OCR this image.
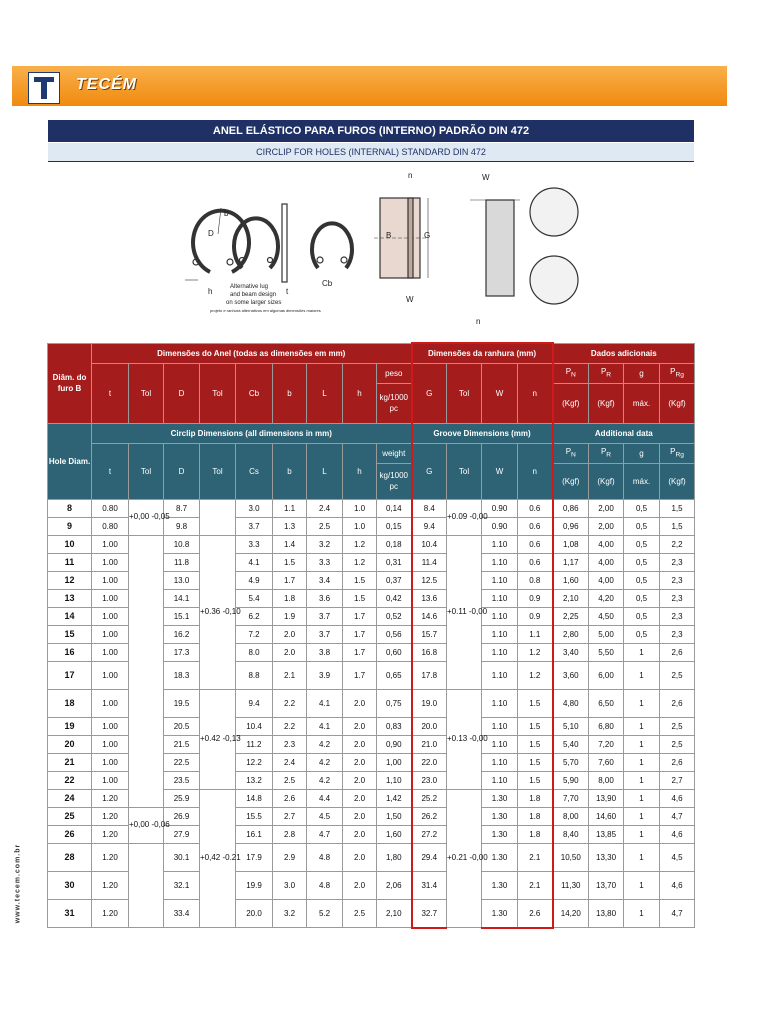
TECÉM
ANEL ELÁSTICO PARA FUROS (INTERNO) PADRÃO DIN 472
CIRCLIP FOR HOLES (INTERNAL) STANDARD DIN 472
D
b
h	t
Cb
n
B	G
W
W
n
Alternative lug
and beam design
on some larger sizes
projeto e ranhura alternativos em algumas dimensões maiores
www.tecem.com.br
Diâm. do furo B	Dimensões do Anel (todas as dimensões em mm)									Dimensões da ranhura (mm)				Dados adicionais			
	t	Tol	D	Tol	Cb	b	L	h	peso	G	Tol	W	n	$P_N$	$P_R$	g	$P_{Rg}$
									kg/1000 pc					(Kgf)	(Kgf)	máx.	(Kgf)
Hole Diam.	Circlip Dimensions (all dimensions in mm)									Groove Dimensions (mm)				Additional data			
	t	Tol	D	Tol	Cs	b	L	h	weight	G	Tol	W	n	$P_N$	$P_R$	g	$P_{Rg}$
									kg/1000 pc					(Kgf)	(Kgf)	máx.	(Kgf)
8	0.80	+0,00 -0,05	8.7		3.0	1.1	2.4	1.0	0,14	8.4	+0.09 -0,00	0.90	0.6	0,86	2,00	0,5	1,5
9	0.80		9.8		3.7	1.3	2.5	1.0	0,15	9.4		0.90	0.6	0,96	2,00	0,5	1,5
10	1.00		10.8	+0.36 -0,10	3.3	1.4	3.2	1.2	0,18	10.4	+0.11 -0,00	1.10	0.6	1,08	4,00	0,5	2,2
11	1.00		11.8		4.1	1.5	3.3	1.2	0,31	11.4		1.10	0.6	1,17	4,00	0,5	2,3
12	1.00		13.0		4.9	1.7	3.4	1.5	0,37	12.5		1.10	0.8	1,60	4,00	0,5	2,3
13	1.00		14.1		5.4	1.8	3.6	1.5	0,42	13.6		1.10	0.9	2,10	4,20	0,5	2,3
14	1.00		15.1		6.2	1.9	3.7	1.7	0,52	14.6		1.10	0.9	2,25	4,50	0,5	2,3
15	1.00		16.2		7.2	2.0	3.7	1.7	0,56	15.7		1.10	1.1	2,80	5,00	0,5	2,3
16	1.00		17.3		8.0	2.0	3.8	1.7	0,60	16.8		1.10	1.2	3,40	5,50	1	2,6
17	1.00		18.3		8.8	2.1	3.9	1.7	0,65	17.8		1.10	1.2	3,60	6,00	1	2,5
18	1.00		19.5	+0.42 -0,13	9.4	2.2	4.1	2.0	0,75	19.0	+0.13 -0,00	1.10	1.5	4,80	6,50	1	2,6
19	1.00		20.5		10.4	2.2	4.1	2.0	0,83	20.0		1.10	1.5	5,10	6,80	1	2,5
20	1.00		21.5		11.2	2.3	4.2	2.0	0,90	21.0		1.10	1.5	5,40	7,20	1	2,5
21	1.00		22.5		12.2	2.4	4.2	2.0	1,00	22.0		1.10	1.5	5,70	7,60	1	2,6
22	1.00		23.5		13.2	2.5	4.2	2.0	1,10	23.0		1.10	1.5	5,90	8,00	1	2,7
24	1.20		25.9	+0,42 -0.21	14.8	2.6	4.4	2.0	1,42	25.2	+0.21 -0,00	1.30	1.8	7,70	13,90	1	4,6
25	1.20	+0,00 -0,06	26.9		15.5	2.7	4.5	2.0	1,50	26.2		1.30	1.8	8,00	14,60	1	4,7
26	1.20		27.9		16.1	2.8	4.7	2.0	1,60	27.2		1.30	1.8	8,40	13,85	1	4,6
28	1.20		30.1		17.9	2.9	4.8	2.0	1,80	29.4		1.30	2.1	10,50	13,30	1	4,5
30	1.20		32.1		19.9	3.0	4.8	2.0	2,06	31.4		1.30	2.1	11,30	13,70	1	4,6
31	1.20		33.4		20.0	3.2	5.2	2.5	2,10	32.7		1.30	2.6	14,20	13,80	1	4,7
